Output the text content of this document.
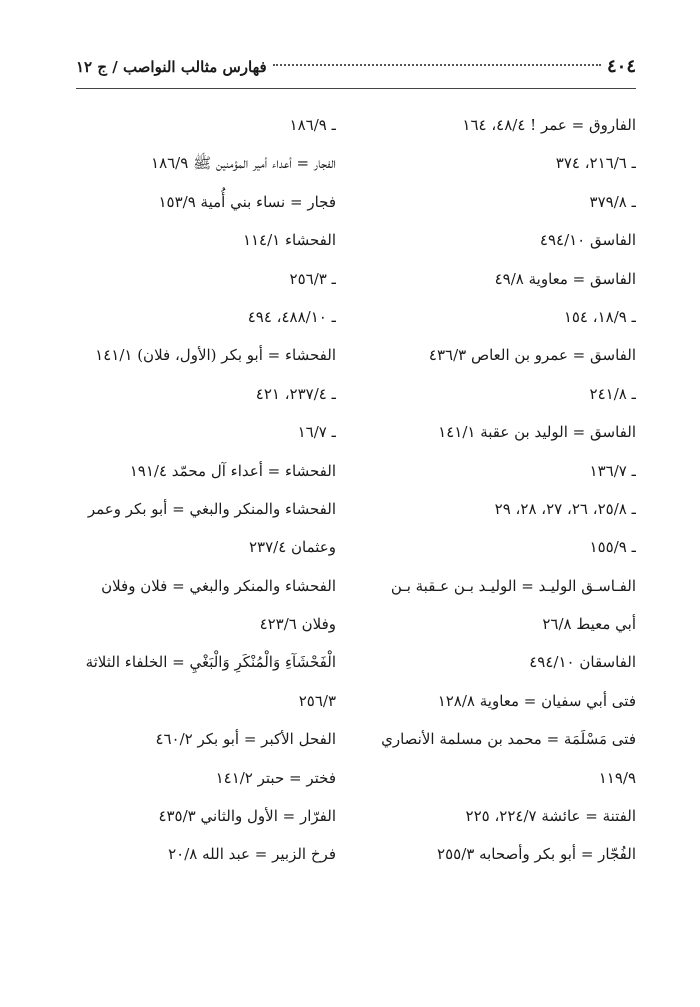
٤٠٤
فهارس مثالب النواصب / ج ١٢
الفاروق = عمر ! ٤٨/٤، ١٦٤
ـ ٢١٦/٦، ٣٧٤
ـ ٣٧٩/٨
الفاسق ٤٩٤/١٠
الفاسق = معاوية ٤٩/٨
ـ ١٨/٩، ١٥٤
الفاسق = عمرو بن العاص ٤٣٦/٣
ـ ٢٤١/٨
الفاسق = الوليد بن عقبة ١٤١/١
ـ ١٣٦/٧
ـ ٢٥/٨، ٢٦، ٢٧، ٢٨، ٢٩
ـ ١٥٥/٩
الفـاسـق الوليـد = الوليـد بـن عـقبة بـن
أبي معيط ٢٦/٨
الفاسقان ٤٩٤/١٠
فتى أبي سفيان = معاوية ١٢٨/٨
فتى مَسْلَمَة = محمد بن مسلمة الأنصاري
١١٩/٩
الفتنة = عائشة ٢٢٤/٧، ٢٢٥
الفُجّار = أبو بكر وأصحابه ٢٥٥/٣
ـ ١٨٦/٩
الفجار = أعداء أمير المؤمنين ﷺ ١٨٦/٩
فجار = نساء بني أُمية ١٥٣/٩
الفحشاء ١١٤/١
ـ ٢٥٦/٣
ـ ٤٨٨/١٠، ٤٩٤
الفحشاء = أبو بكر (الأول، فلان) ١٤١/١
ـ ٢٣٧/٤، ٤٢١
ـ ١٦/٧
الفحشاء = أعداء آل محمّد ١٩١/٤
الفحشاء والمنكر والبغي = أبو بكر وعمر
وعثمان ٢٣٧/٤
الفحشاء والمنكر والبغي = فلان وفلان
وفلان ٤٢٣/٦
الْفَحْشَآءِ وَالْمُنْكَرِ وَالْبَغْيِ = الخلفاء الثلاثة
٢٥٦/٣
الفحل الأكبر = أبو بكر ٤٦٠/٢
فختر = حبتر ١٤١/٢
الفرّار = الأول والثاني ٤٣٥/٣
فرخ الزبير = عبد الله ٢٠/٨
